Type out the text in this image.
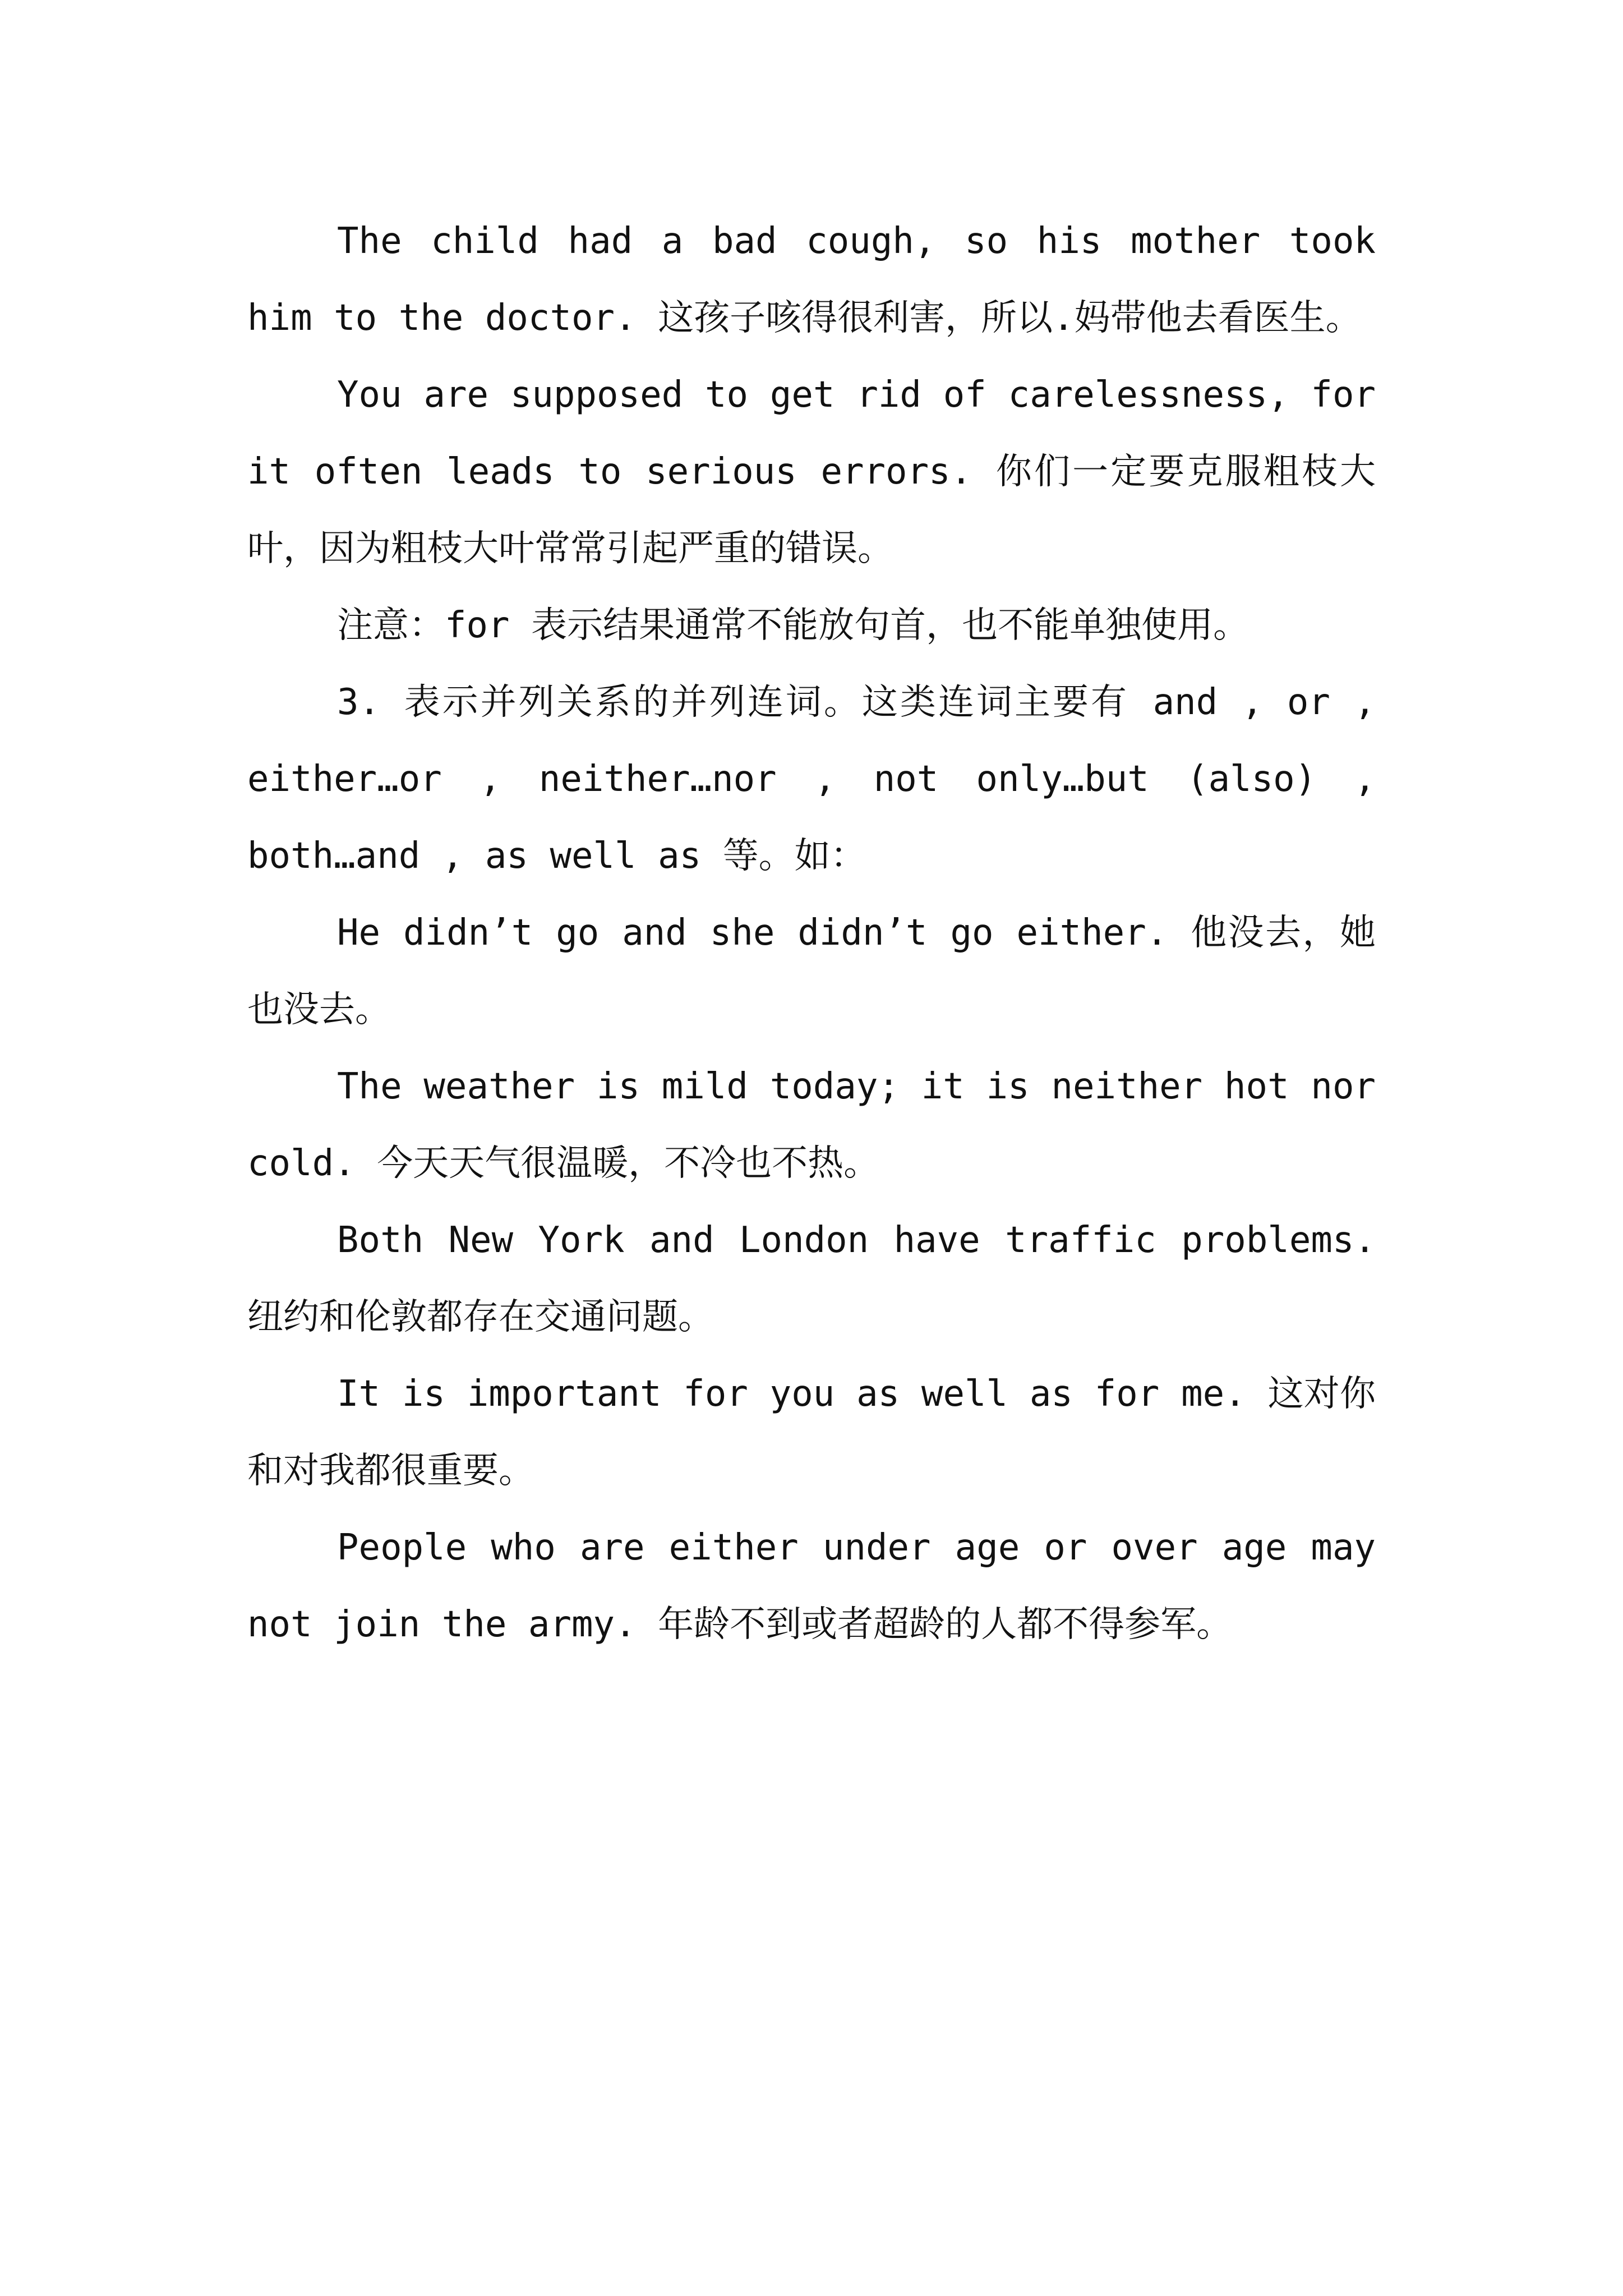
The child had a bad cough, so his mother took him to the doctor. 这孩子咳得很利害，所以.妈带他去看医生。

You are supposed to get rid of carelessness, for it often leads to serious errors. 你们一定要克服粗枝大叶，因为粗枝大叶常常引起严重的错误。

注意：for 表示结果通常不能放句首，也不能单独使用。

3. 表示并列关系的并列连词。这类连词主要有 and , or , either…or , neither…nor , not only…but (also) , both…and , as well as 等。如：

He didn’t go and she didn’t go either. 他没去，她也没去。

The weather is mild today; it is neither hot nor cold. 今天天气很温暖，不冷也不热。

Both New York and London have traffic problems. 纽约和伦敦都存在交通问题。

It is important for you as well as for me. 这对你和对我都很重要。

People who are either under age or over age may not join the army. 年龄不到或者超龄的人都不得参军。
